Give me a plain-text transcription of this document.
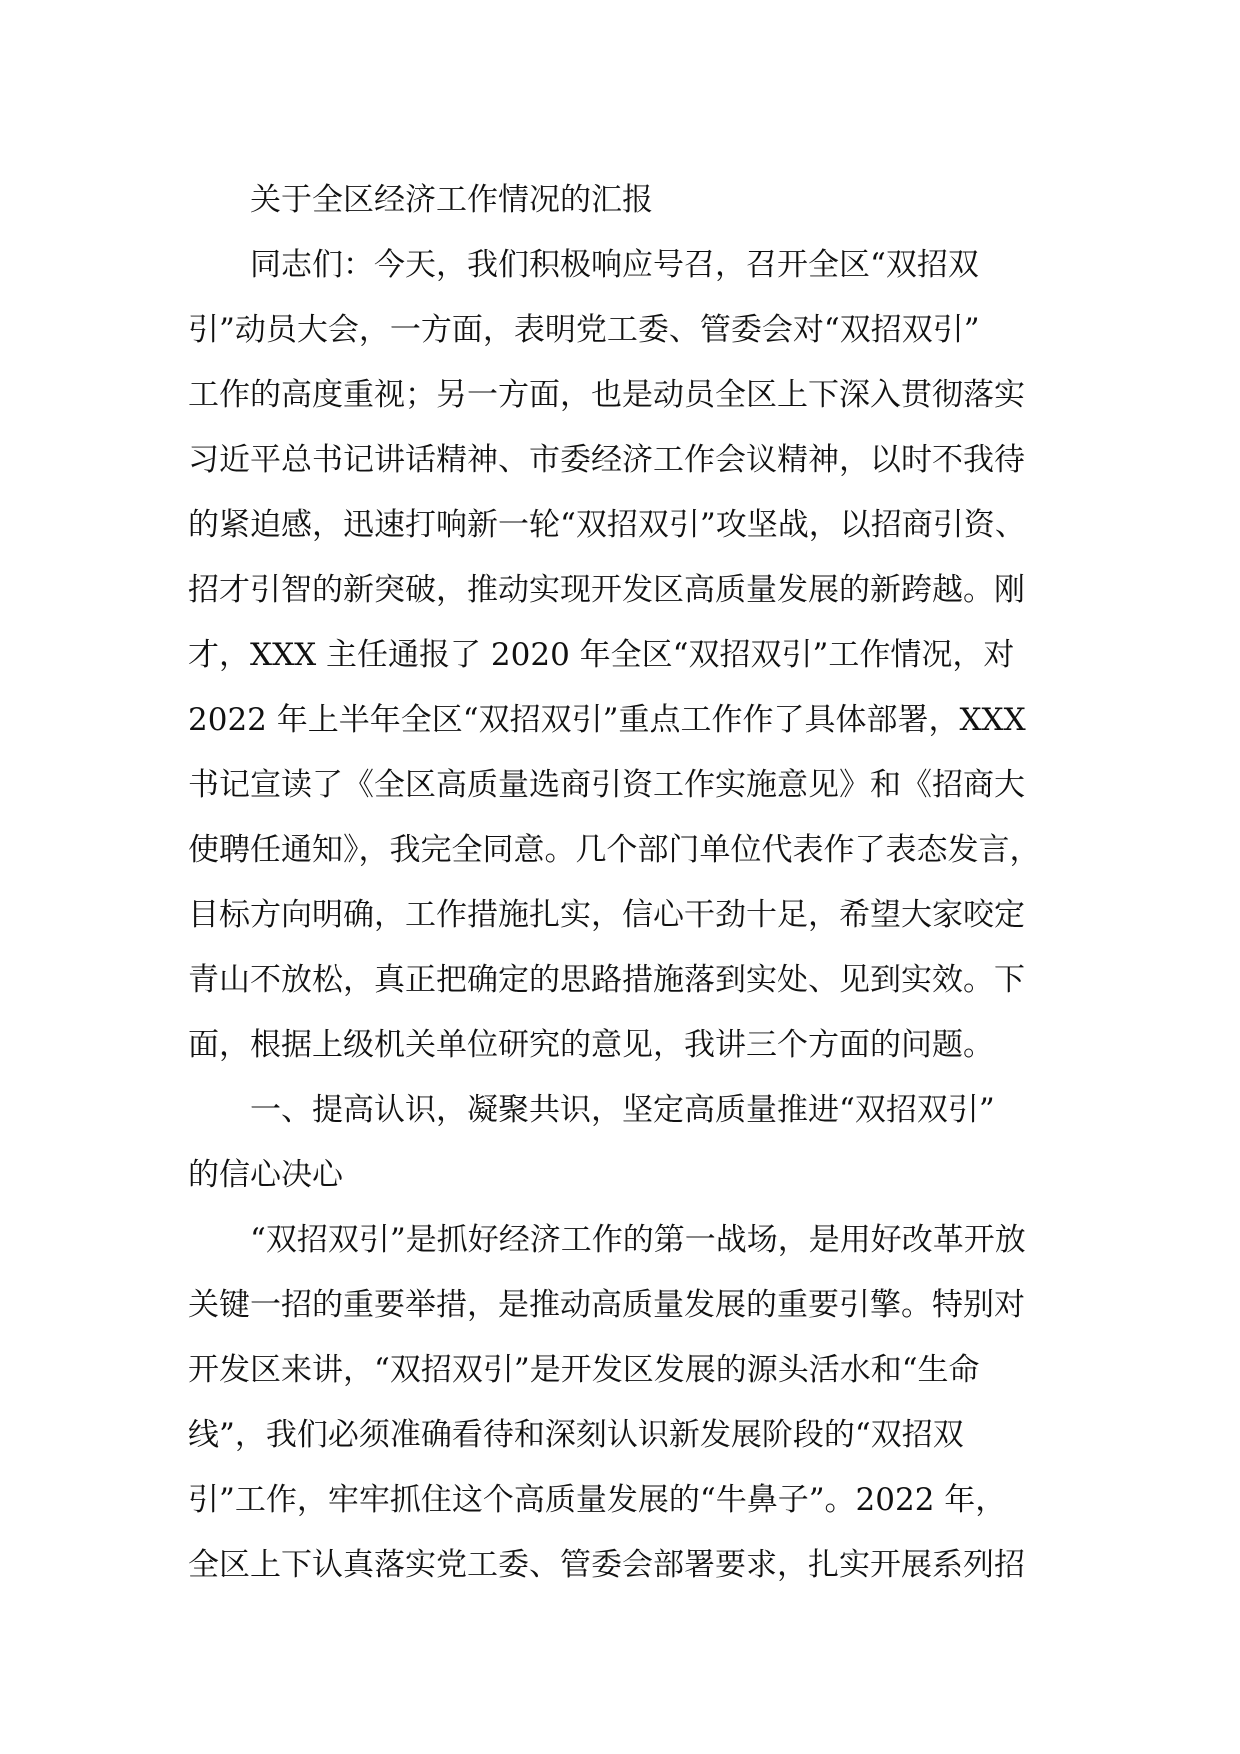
关于全区经济工作情况的汇报
同志们：今天，我们积极响应号召，召开全区“双招双
引”动员大会，一方面，表明党工委、管委会对“双招双引”
工作的高度重视；另一方面，也是动员全区上下深入贯彻落实
习近平总书记讲话精神、市委经济工作会议精神，以时不我待
的紧迫感，迅速打响新一轮“双招双引”攻坚战，以招商引资、
招才引智的新突破，推动实现开发区高质量发展的新跨越。刚
才，XXX 主任通报了 2020 年全区“双招双引”工作情况，对
2022 年上半年全区“双招双引”重点工作作了具体部署，XXX
书记宣读了《全区高质量选商引资工作实施意见》和《招商大
使聘任通知》，我完全同意。几个部门单位代表作了表态发言，
目标方向明确，工作措施扎实，信心干劲十足，希望大家咬定
青山不放松，真正把确定的思路措施落到实处、见到实效。下
面，根据上级机关单位研究的意见，我讲三个方面的问题。
一、提高认识，凝聚共识，坚定高质量推进“双招双引”
的信心决心
“双招双引”是抓好经济工作的第一战场，是用好改革开放
关键一招的重要举措，是推动高质量发展的重要引擎。特别对
开发区来讲，“双招双引”是开发区发展的源头活水和“生命
线”，我们必须准确看待和深刻认识新发展阶段的“双招双
引”工作，牢牢抓住这个高质量发展的“牛鼻子”。2022 年，
全区上下认真落实党工委、管委会部署要求，扎实开展系列招
